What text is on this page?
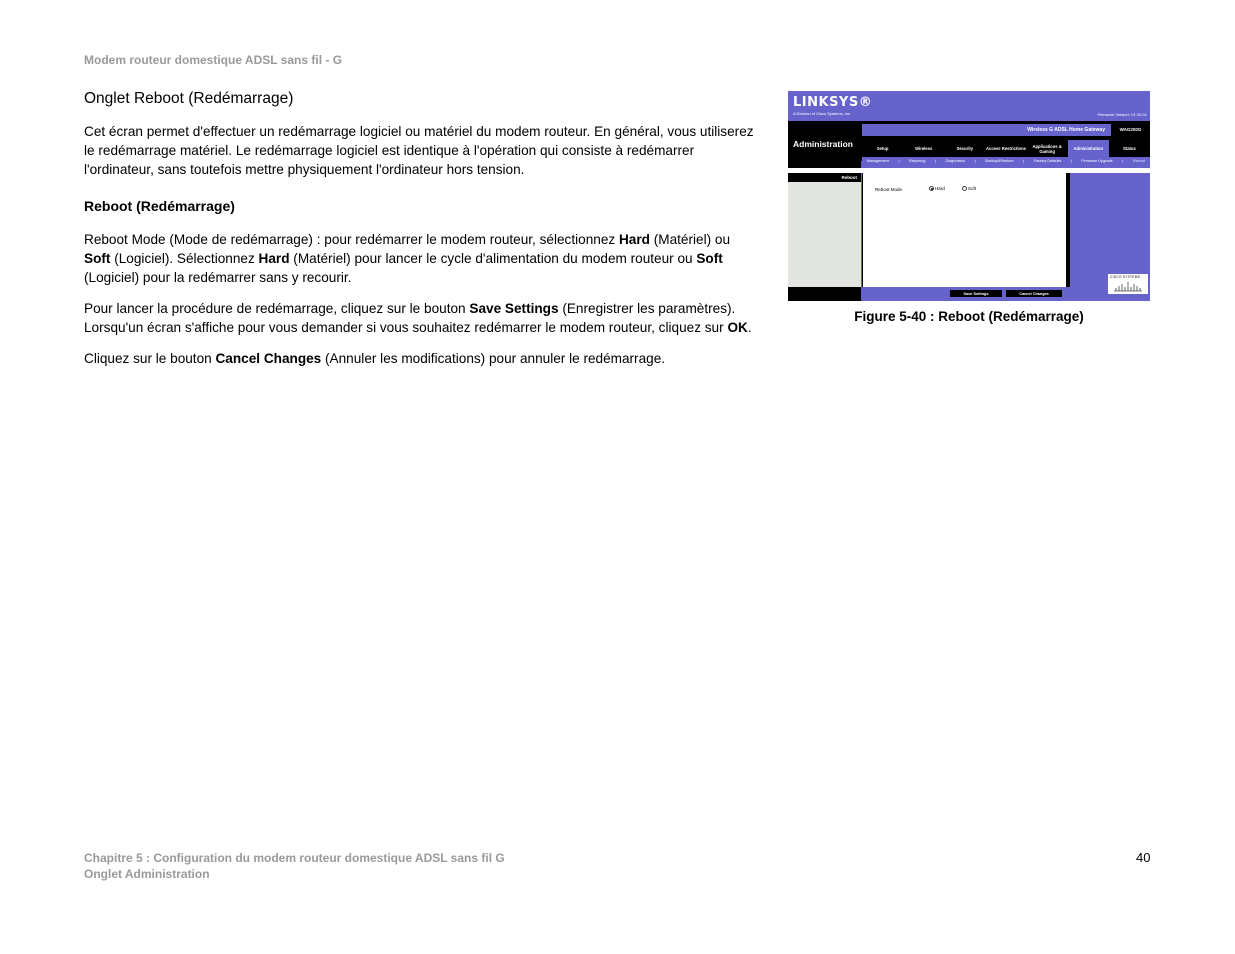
Modem routeur domestique ADSL sans fil - G

Onglet Reboot (Redémarrage)

Cet écran permet d'effectuer un redémarrage logiciel ou matériel du modem routeur. En général, vous utiliserez le redémarrage matériel. Le redémarrage logiciel est identique à l'opération qui consiste à redémarrer l'ordinateur, sans toutefois mettre physiquement l'ordinateur hors tension.

Reboot (Redémarrage)

Reboot Mode (Mode de redémarrage) : pour redémarrer le modem routeur, sélectionnez Hard (Matériel) ou Soft (Logiciel). Sélectionnez Hard (Matériel) pour lancer le cycle d'alimentation du modem routeur ou Soft (Logiciel) pour la redémarrer sans y recourir.

Pour lancer la procédure de redémarrage, cliquez sur le bouton Save Settings (Enregistrer les paramètres). Lorsqu'un écran s'affiche pour vous demander si vous souhaitez redémarrer le modem routeur, cliquez sur OK.

Cliquez sur le bouton Cancel Changes (Annuler les modifications) pour annuler le redémarrage.

LINKSYS®
A Division of Cisco Systems, Inc.	Firmware Version: V1.00.01
Administration
Wireless G ADSL Home Gateway	WAG200G
Setup	Wireless	Security	Access Restrictions	Applications & Gaming	Administration	Status
Management	|	Reporting	|	Diagnostics	|	Backup&Restore	|	Factory Defaults	|	Firmware Upgrade	|	Reboot
Reboot
Reboot Mode	Hard	Soft
CISCO SYSTEMS
Save Settings	Cancel Changes
Figure 5-40 : Reboot (Redémarrage)
Chapitre 5 : Configuration du modem routeur domestique ADSL sans fil G
Onglet Administration
40
